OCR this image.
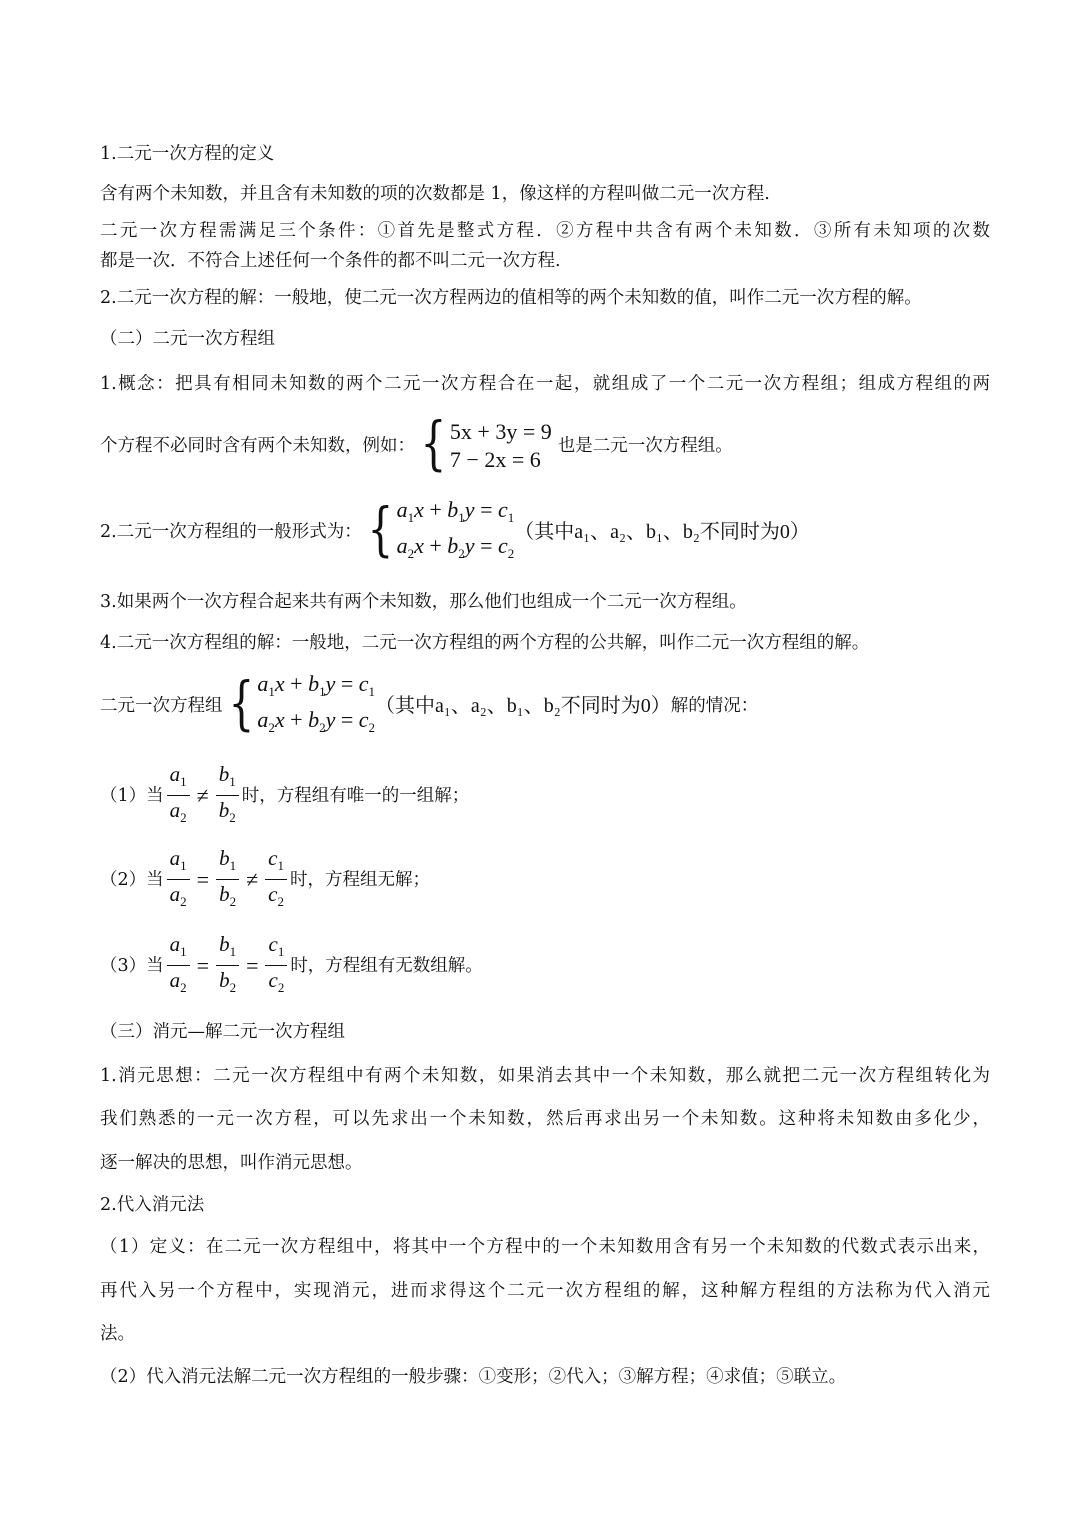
1.二元一次方程的定义
含有两个未知数，并且含有未知数的项的次数都是 1，像这样的方程叫做二元一次方程.
二元一次方程需满足三个条件：①首先是整式方程．②方程中共含有两个未知数．③所有未知项的次数
都是一次．不符合上述任何一个条件的都不叫二元一次方程.
2.二元一次方程的解：一般地，使二元一次方程两边的值相等的两个未知数的值，叫作二元一次方程的解。
（二）二元一次方程组
1.概念：把具有相同未知数的两个二元一次方程合在一起，就组成了一个二元一次方程组；组成方程组的两
个方程不必同时含有两个未知数，例如： { 5x + 3y = 9
7 − 2x = 6
也是二元一次方程组。
2.二元一次方程组的一般形式为： { $a_1x + b_1y = c_1$
$a_2x + b_2y = c_2$
（其中a₁、a₂、b₁、b₂不同时为0）
3.如果两个一次方程合起来共有两个未知数，那么他们也组成一个二元一次方程组。
4.二元一次方程组的解：一般地，二元一次方程组的两个方程的公共解，叫作二元一次方程组的解。
二元一次方程组 { $a_1x + b_1y = c_1$
$a_2x + b_2y = c_2$
（其中a₁、a₂、b₁、b₂不同时为0） 解的情况：
（1）当 $\frac{a_1}{a_2} \ne \frac{b_1}{b_2}$ 时，方程组有唯一的一组解；
（2）当 $\frac{a_1}{a_2} = \frac{b_1}{b_2} \ne \frac{c_1}{c_2}$ 时，方程组无解；
（3）当 $\frac{a_1}{a_2} = \frac{b_1}{b_2} = \frac{c_1}{c_2}$ 时，方程组有无数组解。
（三）消元—解二元一次方程组
1.消元思想：二元一次方程组中有两个未知数，如果消去其中一个未知数，那么就把二元一次方程组转化为
我们熟悉的一元一次方程，可以先求出一个未知数，然后再求出另一个未知数。这种将未知数由多化少，
逐一解决的思想，叫作消元思想。
2.代入消元法
（1）定义：在二元一次方程组中，将其中一个方程中的一个未知数用含有另一个未知数的代数式表示出来，
再代入另一个方程中，实现消元，进而求得这个二元一次方程组的解，这种解方程组的方法称为代入消元
法。
（2）代入消元法解二元一次方程组的一般步骤：①变形；②代入；③解方程；④求值；⑤联立。
